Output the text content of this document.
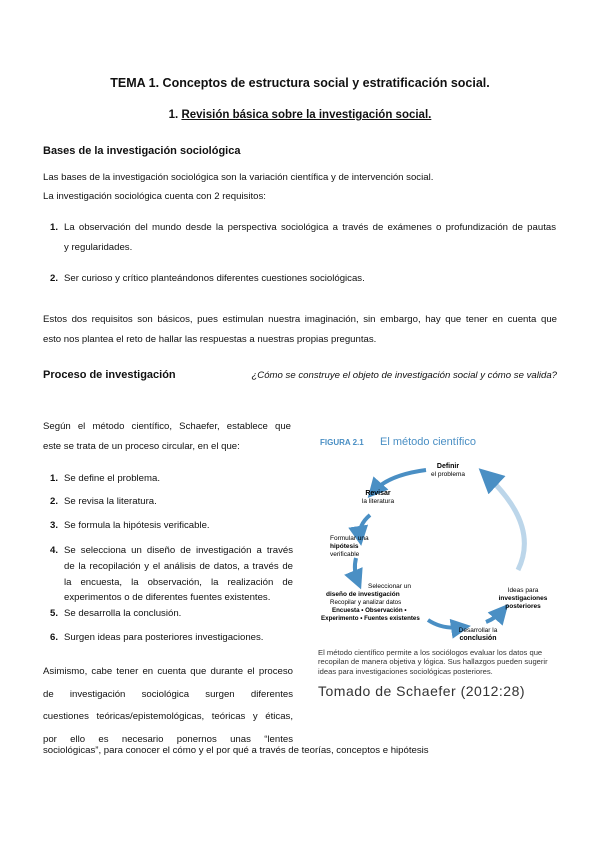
TEMA 1. Conceptos de estructura social y estratificación social.
1. Revisión básica sobre la investigación social.
Bases de la investigación sociológica
Las bases de la investigación sociológica son la variación científica y de intervención social.
La investigación sociológica cuenta con 2 requisitos:
1. La observación del mundo desde la perspectiva sociológica a través de exámenes o profundización de pautas
y regularidades.
2. Ser curioso y crítico planteándonos diferentes cuestiones sociológicas.
Estos dos requisitos son básicos, pues estimulan nuestra imaginación, sin embargo, hay que tener en cuenta que
esto nos plantea el reto de hallar las respuestas a nuestras propias preguntas.
Proceso de investigación	¿Cómo se construye el objeto de investigación social y cómo se valida?
Según el método científico, Schaefer, establece que
este se trata de un proceso circular, en el que:
1. Se define el problema.
2. Se revisa la literatura.
3. Se formula la hipótesis verificable.
4. Se selecciona un diseño de investigación a través
de la recopilación y el análisis de datos, a través de
la encuesta, la observación, la realización de
experimentos o de diferentes fuentes existentes.
5. Se desarrolla la conclusión.
6. Surgen ideas para posteriores investigaciones.
Asimismo, cabe tener en cuenta que durante el proceso
de investigación sociológica surgen diferentes
cuestiones teóricas/epistemológicas, teóricas y éticas,
por ello es necesario ponernos unas “lentes
sociológicas”, para conocer el cómo y el por qué a través de teorías, conceptos e hipótesis
FIGURA 2.1 El método científico
Definir
el problema
Revisar
la literatura
Formular una
hipótesis
verificable
Seleccionar un
diseño de investigación
Recopilar y analizar datos
Encuesta • Observación •
Experimento • Fuentes existentes
Desarrollar la
conclusión
Ideas para
investigaciones
posteriores
El método científico permite a los sociólogos evaluar los datos que
recopilan de manera objetiva y lógica. Sus hallazgos pueden sugerir
ideas para investigaciones sociológicas posteriores.
Tomado de Schaefer (2012:28)
